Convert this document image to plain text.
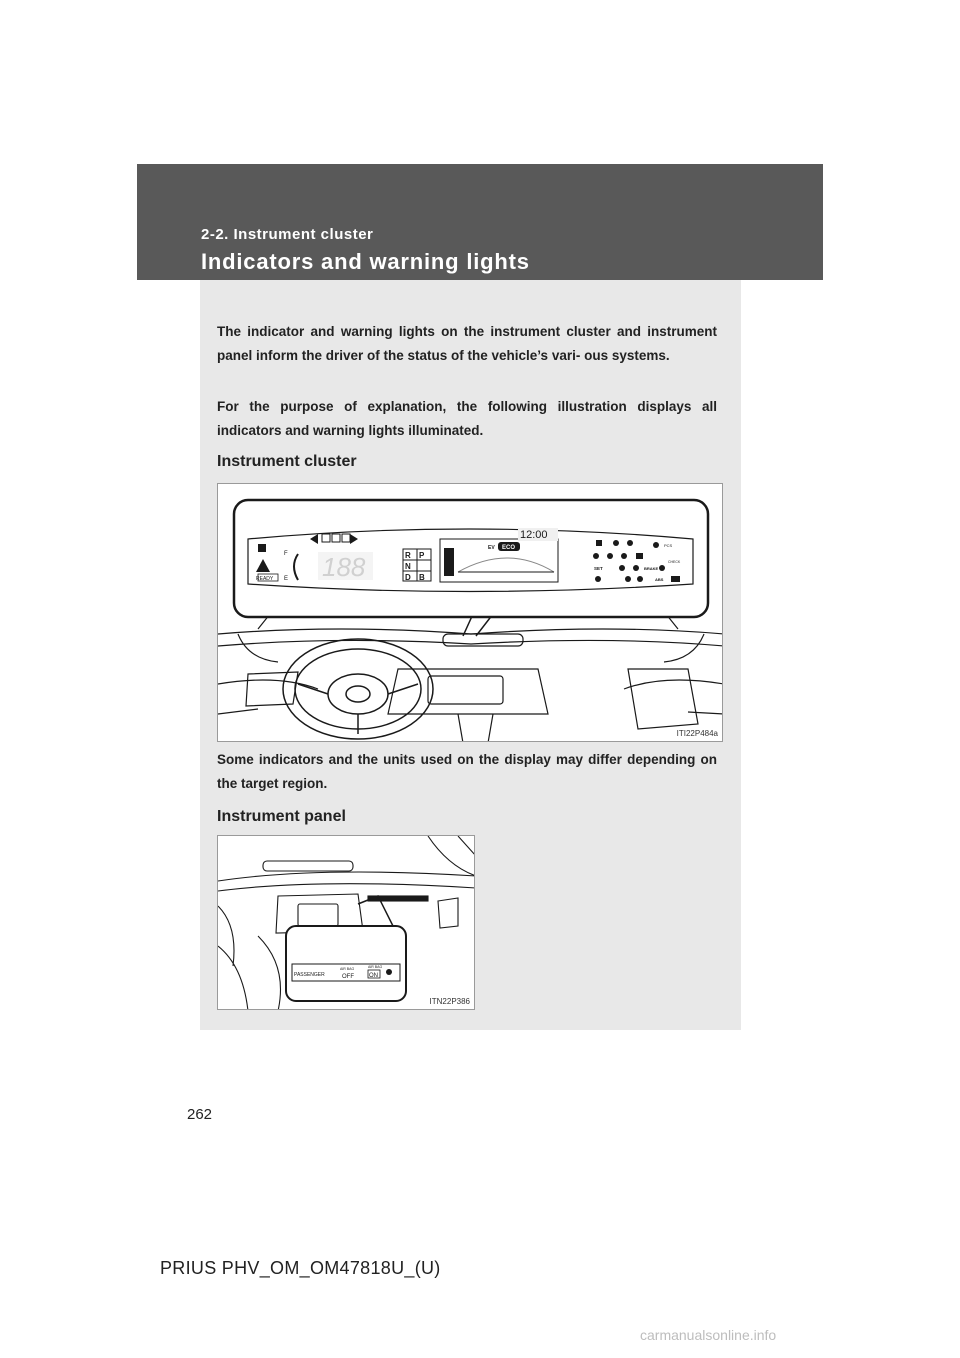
2-2. Instrument cluster
Indicators and warning lights

The indicator and warning lights on the instrument cluster and instrument panel inform the driver of the status of the vehicle’s vari- ous systems.

For the purpose of explanation, the following illustration displays all indicators and warning lights illuminated.

Instrument cluster
READY
F
E 188	R
N
D
P
B
ECO
EV
12:00
PCS
SET	BRAKE
CHECK
ABS
ITI22P484a

Some indicators and the units used on the display may differ depending on the target region.

Instrument panel
PASSENGER
AIR BAG
OFF
AIR BAG
ON
ITN22P386
262
PRIUS PHV_OM_OM47818U_(U)
carmanualsonline.info
